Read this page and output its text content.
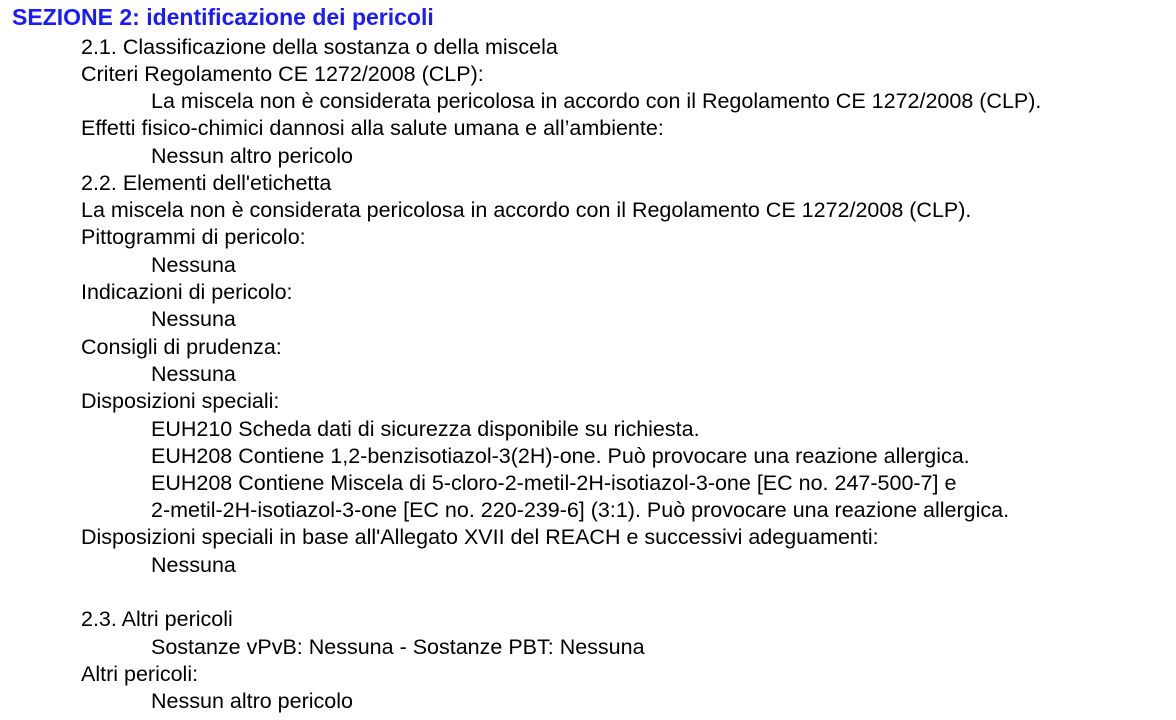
SEZIONE 2: identificazione dei pericoli

2.1. Classificazione della sostanza o della miscela

Criteri Regolamento CE 1272/2008 (CLP):

La miscela non è considerata pericolosa in accordo con il Regolamento CE 1272/2008 (CLP).

Effetti fisico-chimici dannosi alla salute umana e all’ambiente:

Nessun altro pericolo

2.2. Elementi dell'etichetta

La miscela non è considerata pericolosa in accordo con il Regolamento CE 1272/2008 (CLP).

Pittogrammi di pericolo:

Nessuna

Indicazioni di pericolo:

Nessuna

Consigli di prudenza:

Nessuna

Disposizioni speciali:

EUH210 Scheda dati di sicurezza disponibile su richiesta.

EUH208 Contiene 1,2-benzisotiazol-3(2H)-one. Può provocare una reazione allergica.

EUH208 Contiene Miscela di 5-cloro-2-metil-2H-isotiazol-3-one [EC no. 247-500-7] e

2-metil-2H-isotiazol-3-one [EC no. 220-239-6] (3:1). Può provocare una reazione allergica.

Disposizioni speciali in base all'Allegato XVII del REACH e successivi adeguamenti:

Nessuna

2.3. Altri pericoli

Sostanze vPvB: Nessuna - Sostanze PBT: Nessuna

Altri pericoli:

Nessun altro pericolo
